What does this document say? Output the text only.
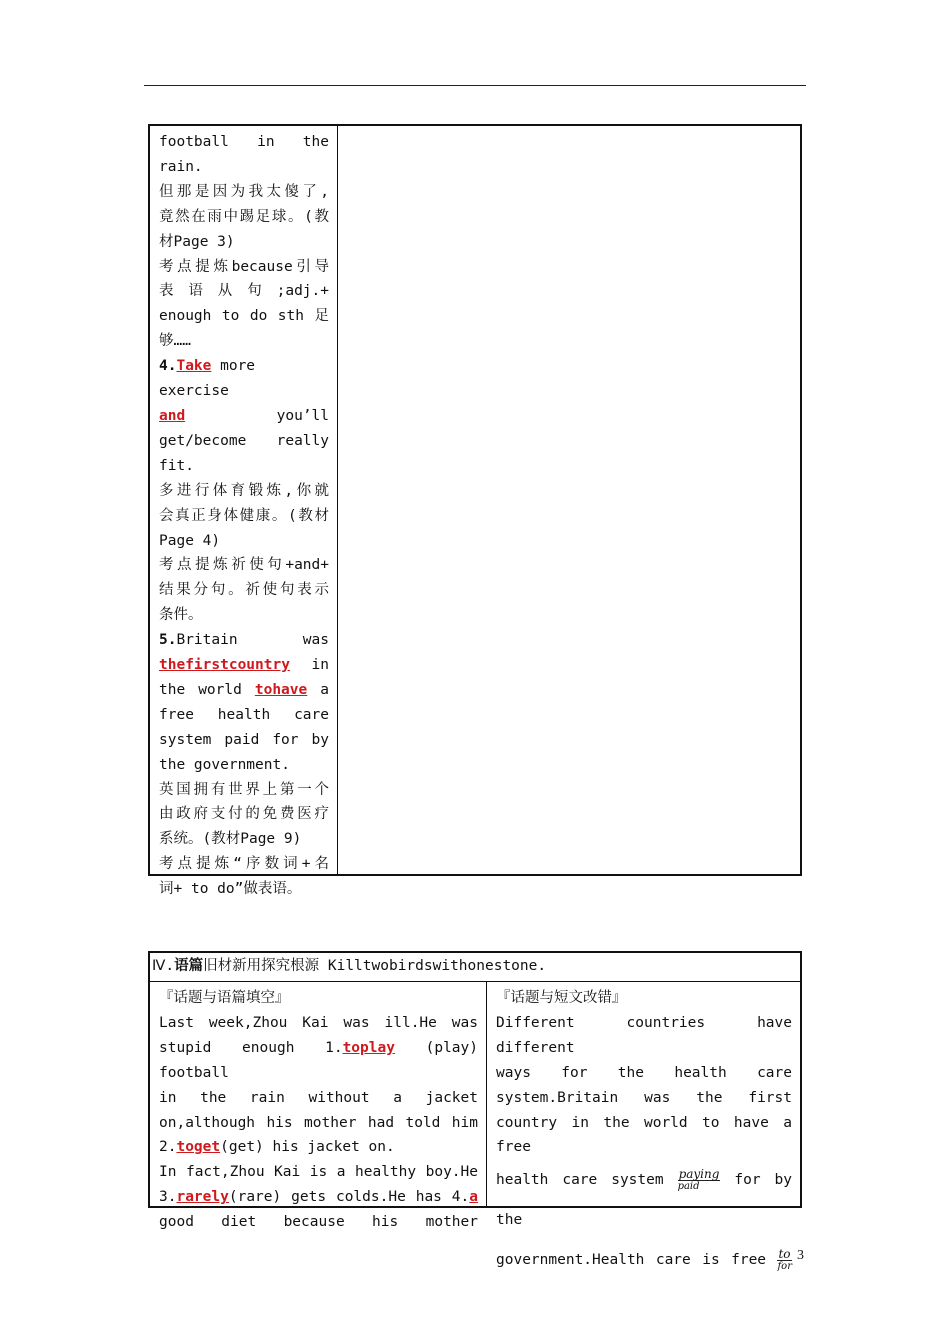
football in the
rain.
但那是因为我太傻了,
竟然在雨中踢足球。(教
材Page 3)
考点提炼because引导
表 语 从 句 ;adj.+
enough to do sth 足
够……
4.Take more exercise
and	you’ll
get/become really
fit.
多进行体育锻炼,你就
会真正身体健康。(教材
Page 4)
考点提炼祈使句+and+
结果分句。祈使句表示
条件。
5.Britain was
thefirstcountry in
the world tohave a
free health care
system paid for by
the government.
英国拥有世界上第一个
由政府支付的免费医疗
系统。(教材Page 9)
考点提炼“序数词+名
词+ to do”做表语。
Ⅳ.语篇旧材新用探究根源 Killtwobirdswithonestone.
『话题与语篇填空』
Last week,Zhou Kai was ill.He was
stupid enough 1.toplay (play) football
in the rain without a jacket
on,although his mother had told him
2.toget(get) his jacket on.
In fact,Zhou Kai is a healthy boy.He
3.rarely(rare) gets colds.He has 4.a
good diet because his mother
『话题与短文改错』
Different countries have different
ways for the health care
system.Britain was the first
country in the world to have a free
health care system $\frac{\text{paying}}{\text{paid}}$ for by the
government.Health care is free $\frac{to}{\text{for}} 3$
